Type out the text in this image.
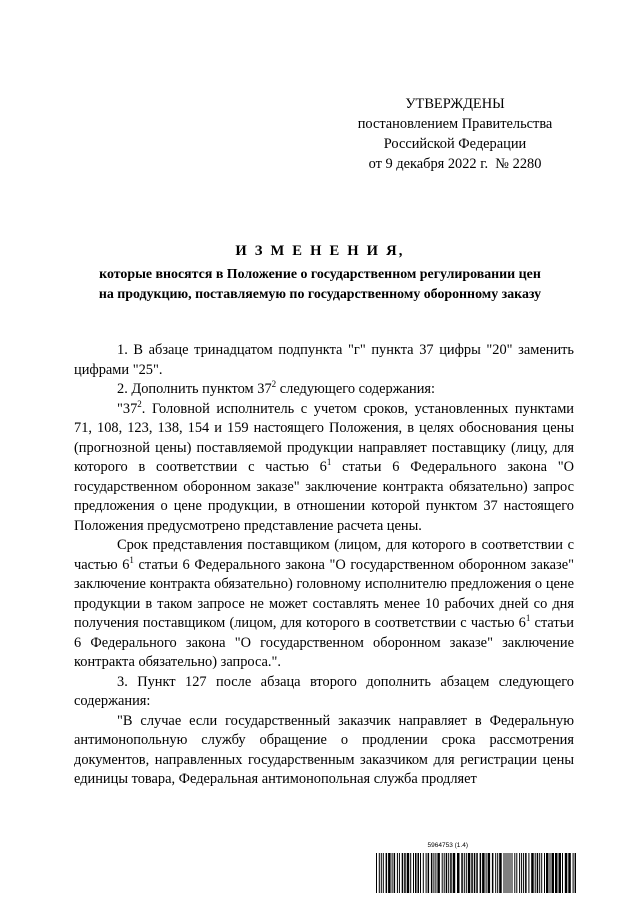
УТВЕРЖДЕНЫ
постановлением Правительства
Российской Федерации
от 9 декабря 2022 г.  № 2280
И З М Е Н Е Н И Я,
которые вносятся в Положение о государственном регулировании цен
на продукцию, поставляемую по государственному оборонному заказу

1. В абзаце тринадцатом подпункта "г" пункта 37 цифры "20" заменить цифрами "25".

2. Дополнить пунктом $37^2$ следующего содержания:

"$37^2$. Головной исполнитель с учетом сроков, установленных пунктами 71, 108, 123, 138, 154 и 159 настоящего Положения, в целях обоснования цены (прогнозной цены) поставляемой продукции направляет поставщику (лицу, для которого в соответствии с частью $6^1$ статьи 6 Федерального закона "О государственном оборонном заказе" заключение контракта обязательно) запрос предложения о цене продукции, в отношении которой пунктом 37 настоящего Положения предусмотрено представление расчета цены.

Срок представления поставщиком (лицом, для которого в соответствии с частью $6^1$ статьи 6 Федерального закона "О государственном оборонном заказе" заключение контракта обязательно) головному исполнителю предложения о цене продукции в таком запросе не может составлять менее 10 рабочих дней со дня получения поставщиком (лицом, для которого в соответствии с частью $6^1$ статьи 6 Федерального закона "О государственном оборонном заказе" заключение контракта обязательно) запроса.".

3. Пункт 127 после абзаца второго дополнить абзацем следующего содержания:

"В случае если государственный заказчик направляет в Федеральную антимонопольную службу обращение о продлении срока рассмотрения документов, направленных государственным заказчиком для регистрации цены единицы товара, Федеральная антимонопольная служба продляет

5964753 (1.4)
